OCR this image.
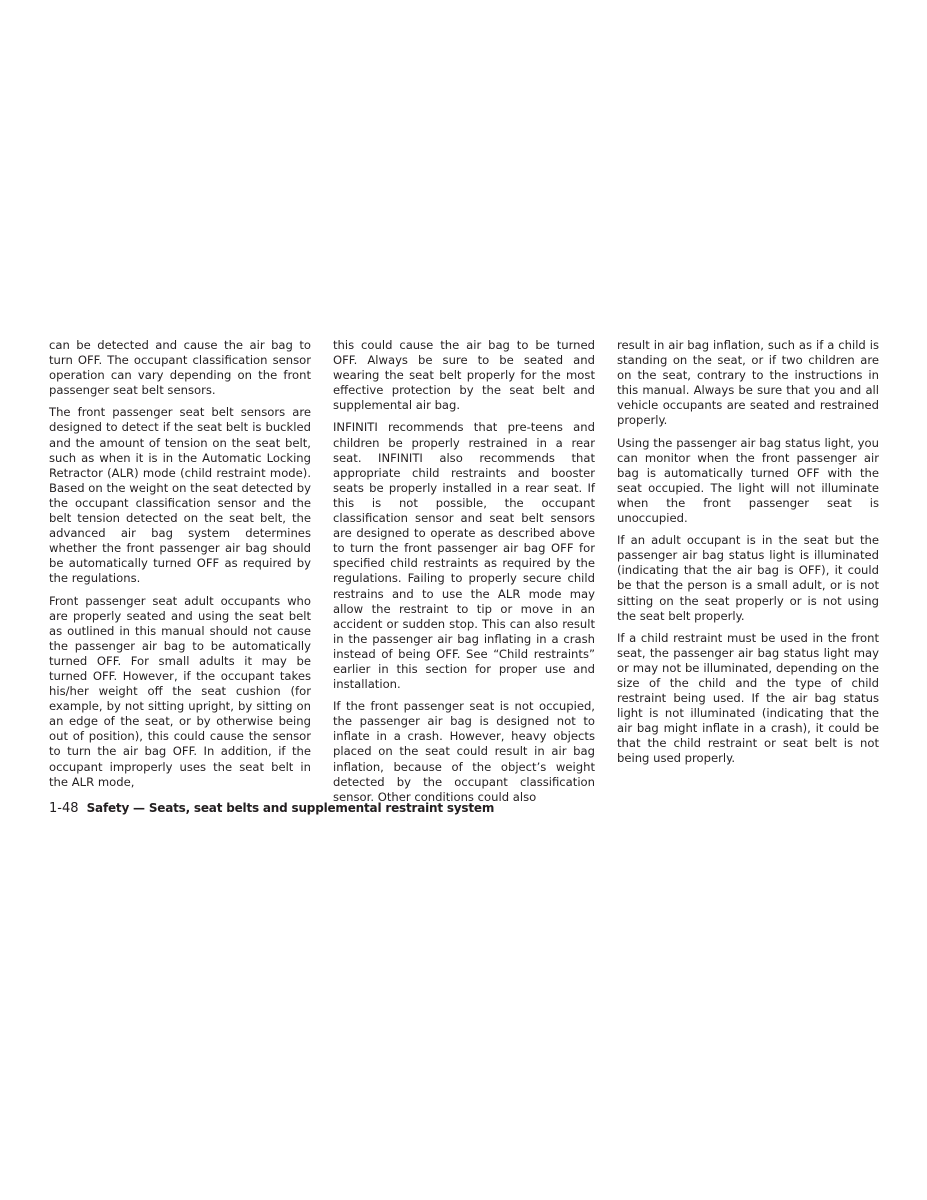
can be detected and cause the air bag to turn OFF. The occupant classification sensor operation can vary depending on the front passenger seat belt sensors.

The front passenger seat belt sensors are designed to detect if the seat belt is buckled and the amount of tension on the seat belt, such as when it is in the Automatic Locking Retractor (ALR) mode (child restraint mode). Based on the weight on the seat detected by the occupant classification sensor and the belt tension detected on the seat belt, the advanced air bag system determines whether the front passenger air bag should be automatically turned OFF as required by the regulations.

Front passenger seat adult occupants who are properly seated and using the seat belt as outlined in this manual should not cause the passenger air bag to be automatically turned OFF. For small adults it may be turned OFF. However, if the occupant takes his/her weight off the seat cushion (for example, by not sitting upright, by sitting on an edge of the seat, or by otherwise being out of position), this could cause the sensor to turn the air bag OFF. In addition, if the occupant improperly uses the seat belt in the ALR mode,

this could cause the air bag to be turned OFF. Always be sure to be seated and wearing the seat belt properly for the most effective protection by the seat belt and supplemental air bag.

INFINITI recommends that pre-teens and children be properly restrained in a rear seat. INFINITI also recommends that appropriate child restraints and booster seats be properly installed in a rear seat. If this is not possible, the occupant classification sensor and seat belt sensors are designed to operate as described above to turn the front passenger air bag OFF for specified child restraints as required by the regulations. Failing to properly secure child restrains and to use the ALR mode may allow the restraint to tip or move in an accident or sudden stop. This can also result in the passenger air bag inflating in a crash instead of being OFF. See “Child restraints” earlier in this section for proper use and installation.

If the front passenger seat is not occupied, the passenger air bag is designed not to inflate in a crash. However, heavy objects placed on the seat could result in air bag inflation, because of the object’s weight detected by the occupant classification sensor. Other conditions could also

result in air bag inflation, such as if a child is standing on the seat, or if two children are on the seat, contrary to the instructions in this manual. Always be sure that you and all vehicle occupants are seated and restrained properly.

Using the passenger air bag status light, you can monitor when the front passenger air bag is automatically turned OFF with the seat occupied. The light will not illuminate when the front passenger seat is unoccupied.

If an adult occupant is in the seat but the passenger air bag status light is illuminated (indicating that the air bag is OFF), it could be that the person is a small adult, or is not sitting on the seat properly or is not using the seat belt properly.

If a child restraint must be used in the front seat, the passenger air bag status light may or may not be illuminated, depending on the size of the child and the type of child restraint being used. If the air bag status light is not illuminated (indicating that the air bag might inflate in a crash), it could be that the child restraint or seat belt is not being used properly.

1-48 Safety — Seats, seat belts and supplemental restraint system
